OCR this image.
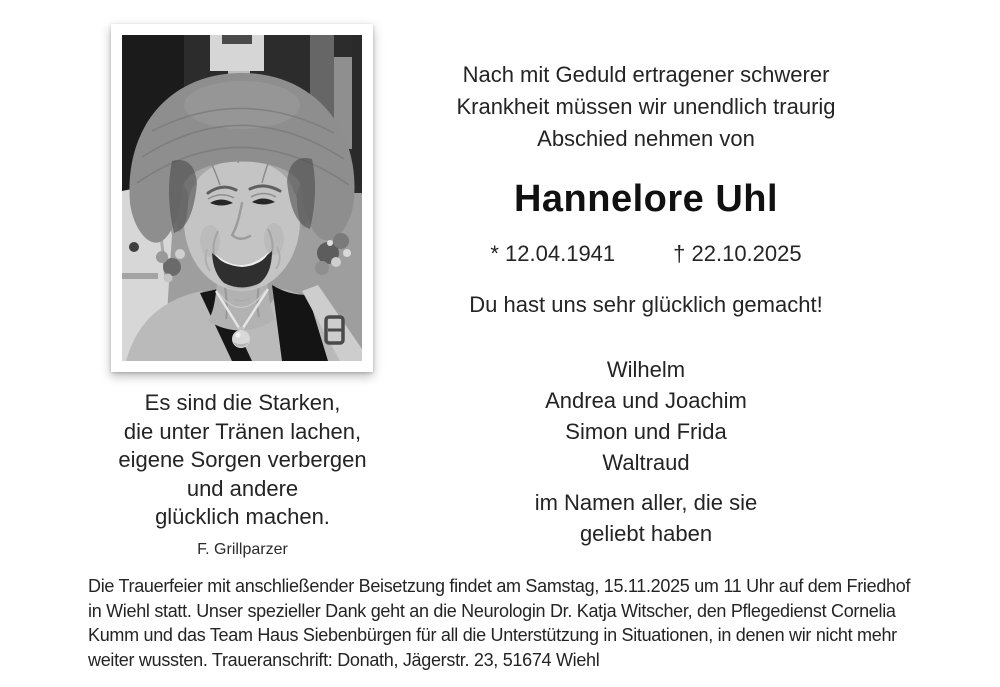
Es sind die Starken,
die unter Tränen lachen,
eigene Sorgen verbergen
und andere
glücklich machen.
F. Grillparzer
Nach mit Geduld ertragener schwerer
Krankheit müssen wir unendlich traurig
Abschied nehmen von
Hannelore Uhl
* 12.04.1941	† 22.10.2025
Du hast uns sehr glücklich gemacht!
Wilhelm
Andrea und Joachim
Simon und Frida
Waltraud
im Namen aller, die sie
geliebt haben
Die Trauerfeier mit anschließender Beisetzung findet am Samstag, 15.11.2025 um 11 Uhr auf dem Friedhof
in Wiehl statt. Unser spezieller Dank geht an die Neurologin Dr. Katja Witscher, den Pflegedienst Cornelia
Kumm und das Team Haus Siebenbürgen für all die Unterstützung in Situationen, in denen wir nicht mehr
weiter wussten. Traueranschrift: Donath, Jägerstr. 23, 51674 Wiehl
